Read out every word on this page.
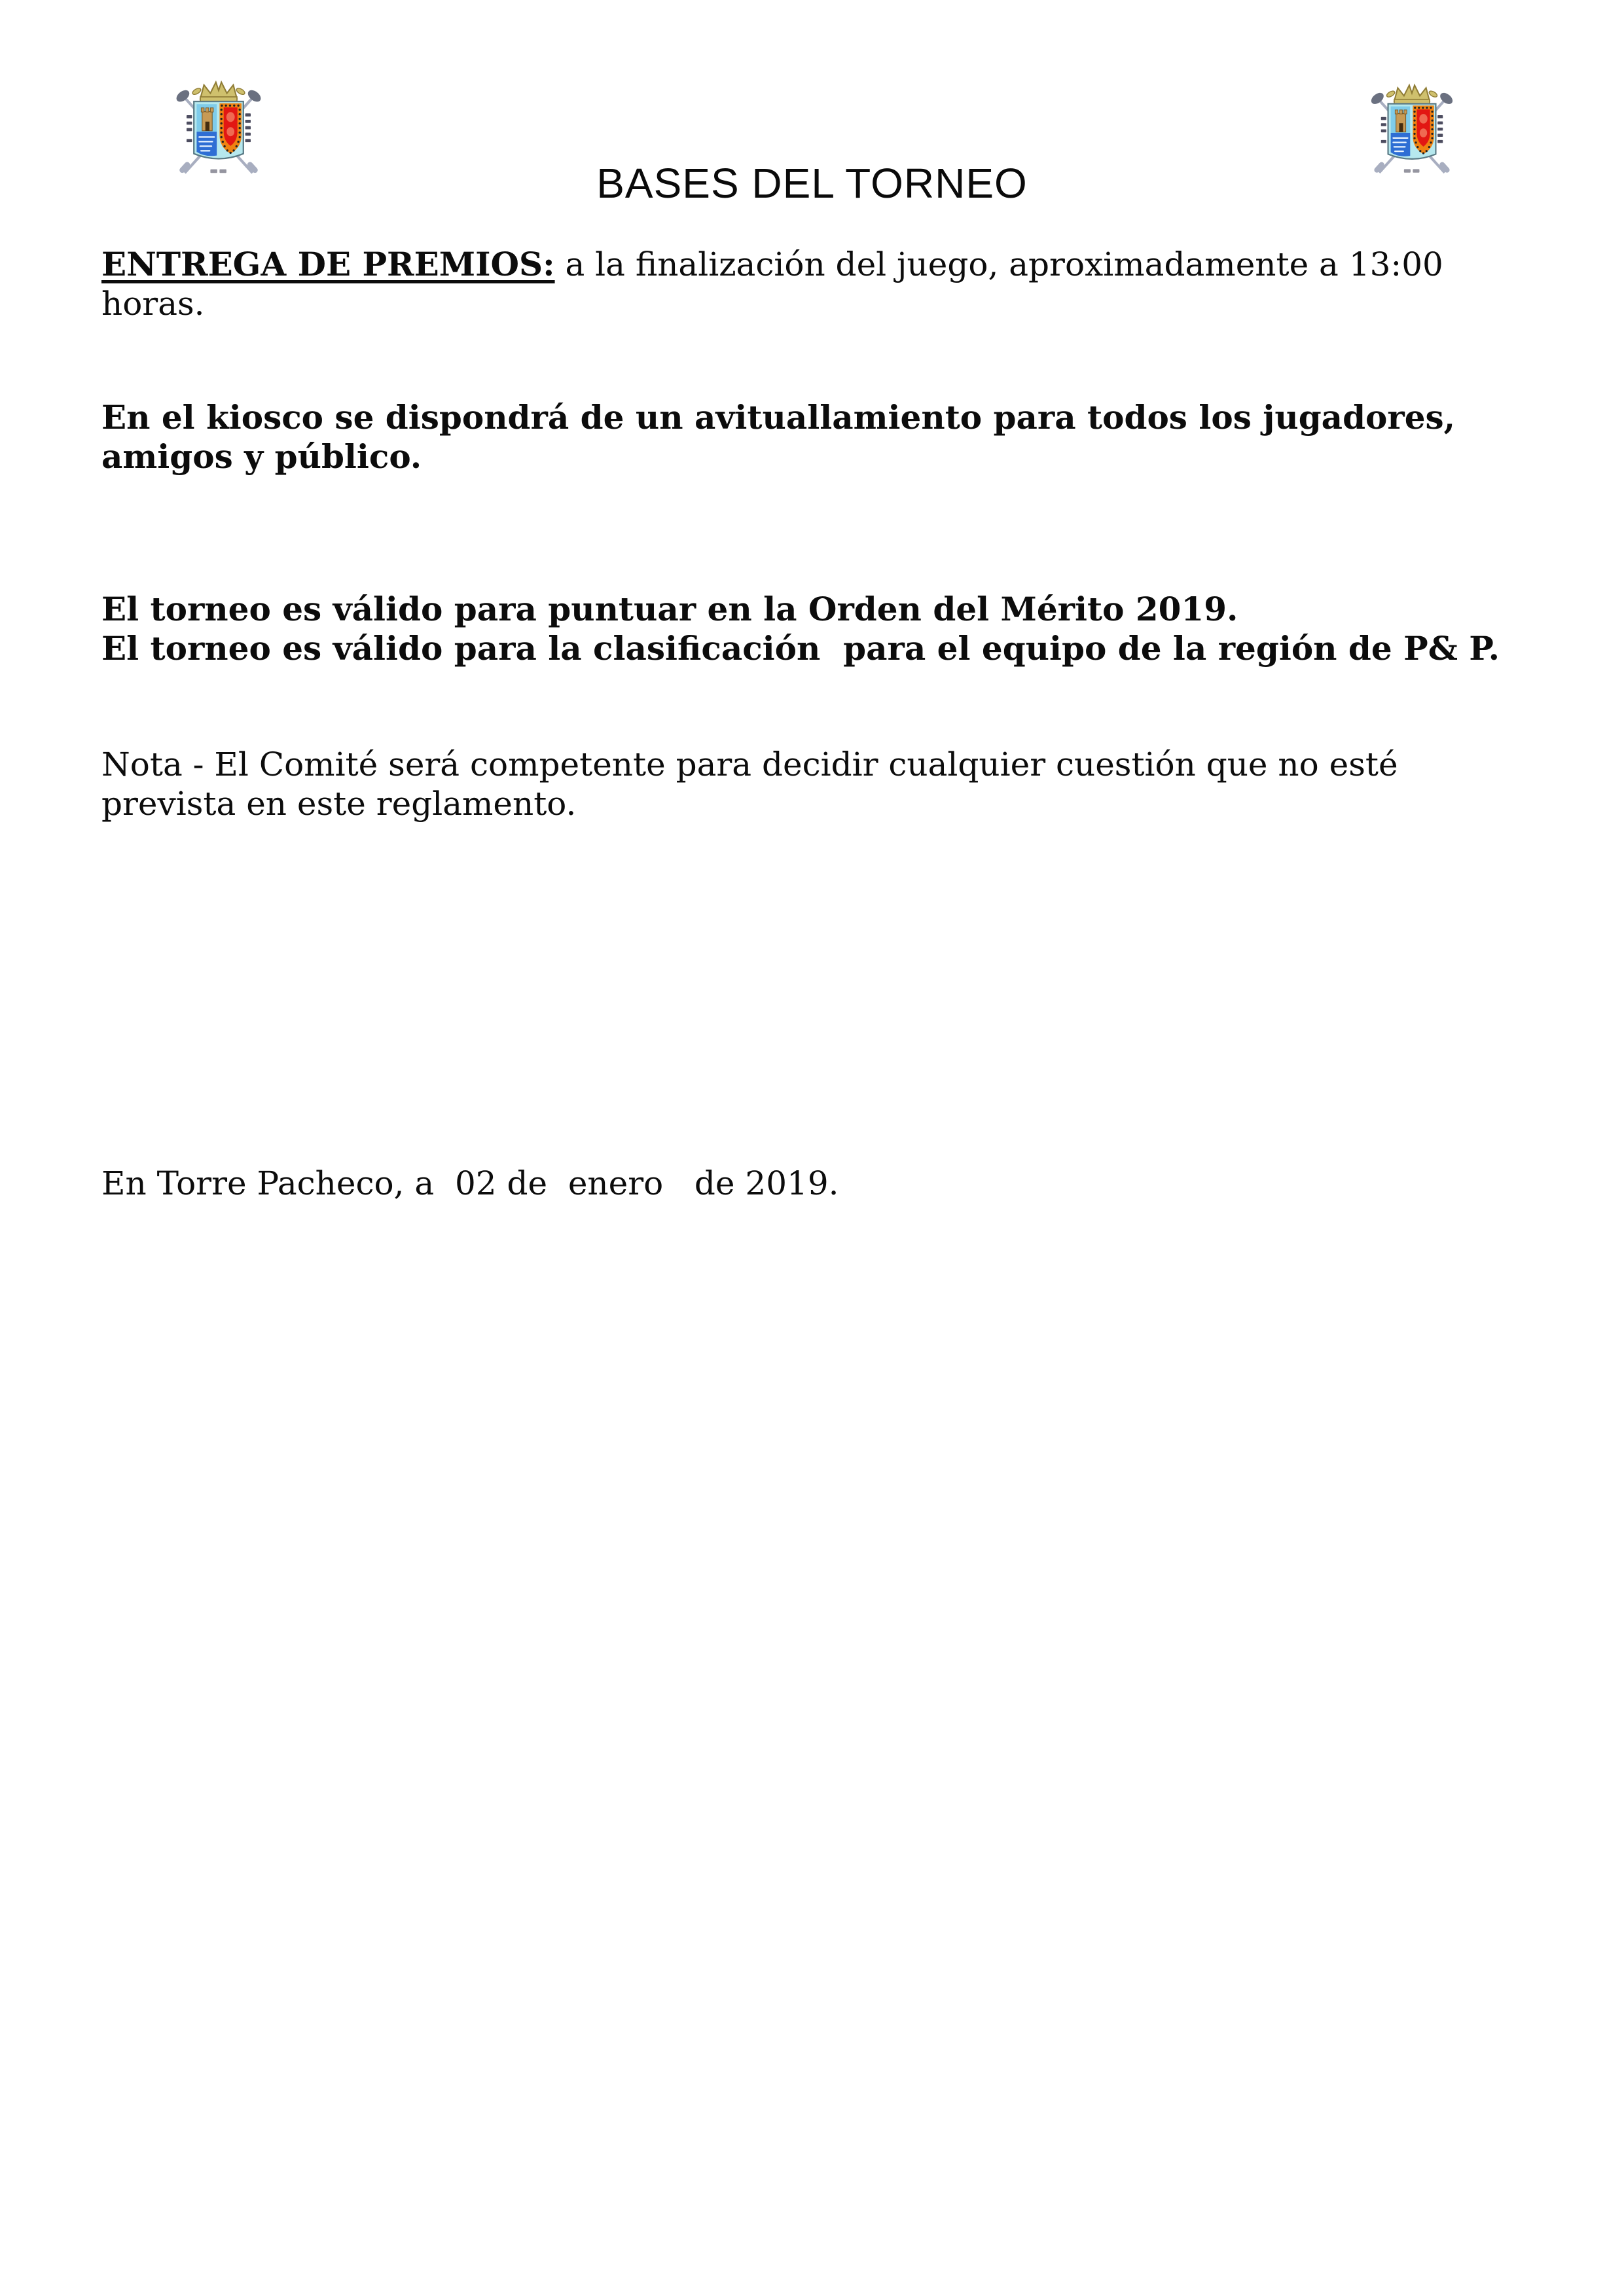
BASES DEL TORNEO
ENTREGA DE PREMIOS: a la finalización del juego, aproximadamente a 13:00
horas.
En el kiosco se dispondrá de un avituallamiento para todos los jugadores,
amigos y público.
El torneo es válido para puntuar en la Orden del Mérito 2019.
El torneo es válido para la clasificación  para el equipo de la región de P& P.
Nota - El Comité será competente para decidir cualquier cuestión que no esté
prevista en este reglamento.
En Torre Pacheco, a  02 de  enero   de 2019.
